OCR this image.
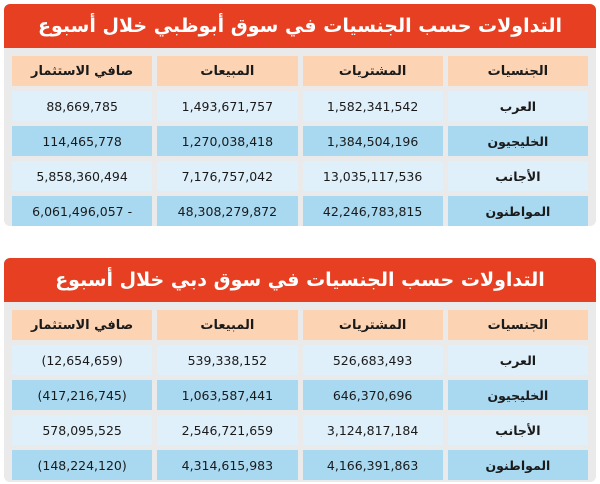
التداولات حسب الجنسيات في سوق أبوظبي خلال أسبوع
صافي الاستثمار	المبيعات	المشتريات	الجنسيات
88,669,785	1,493,671,757	1,582,341,542	العرب
114,465,778	1,270,038,418	1,384,504,196	الخليجيون
5,858,360,494	7,176,757,042	13,035,117,536	الأجانب
6,061,496,057 -	48,308,279,872	42,246,783,815	المواطنون
التداولات حسب الجنسيات في سوق دبي خلال أسبوع
صافي الاستثمار	المبيعات	المشتريات	الجنسيات
(12,654,659)	539,338,152	526,683,493	العرب
(417,216,745)	1,063,587,441	646,370,696	الخليجيون
578,095,525	2,546,721,659	3,124,817,184	الأجانب
(148,224,120)	4,314,615,983	4,166,391,863	المواطنون
